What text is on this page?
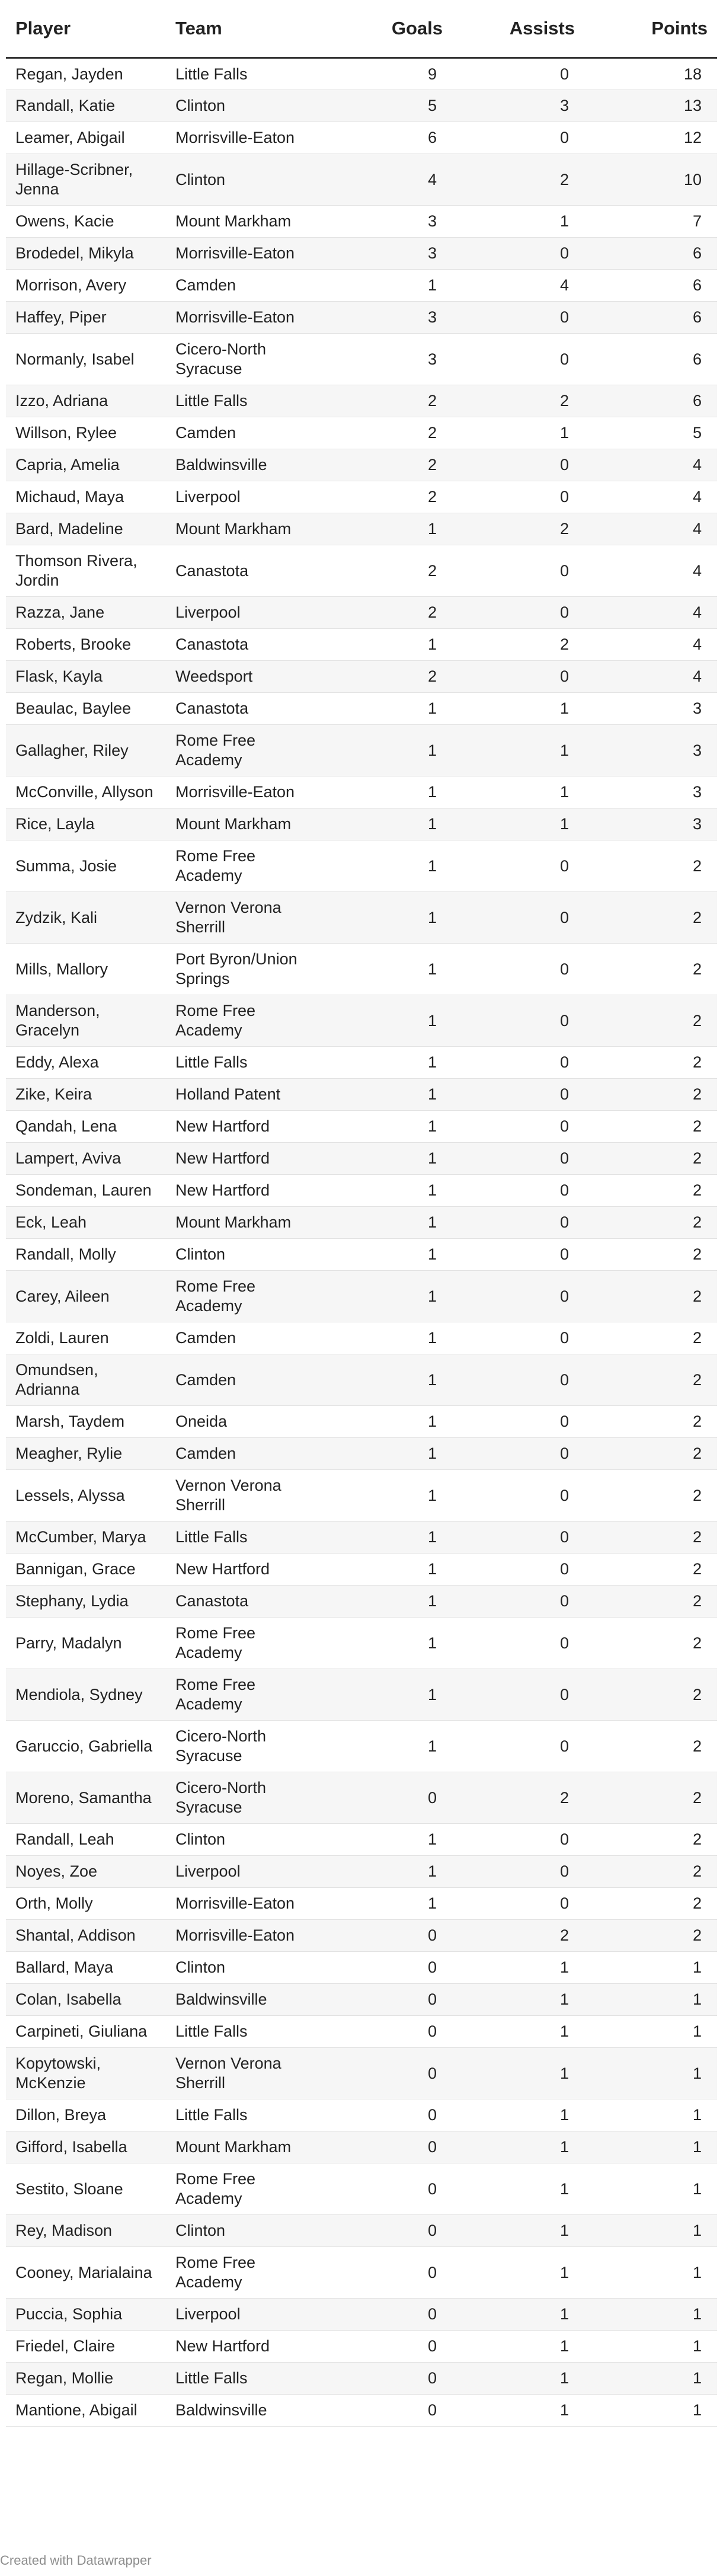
Player	Team	Goals	Assists	Points
Regan, Jayden	Little Falls	9	0	18
Randall, Katie	Clinton	5	3	13
Leamer, Abigail	Morrisville-Eaton	6	0	12
Hillage-Scribner, Jenna	Clinton	4	2	10
Owens, Kacie	Mount Markham	3	1	7
Brodedel, Mikyla	Morrisville-Eaton	3	0	6
Morrison, Avery	Camden	1	4	6
Haffey, Piper	Morrisville-Eaton	3	0	6
Normanly, Isabel	Cicero-North Syracuse	3	0	6
Izzo, Adriana	Little Falls	2	2	6
Willson, Rylee	Camden	2	1	5
Capria, Amelia	Baldwinsville	2	0	4
Michaud, Maya	Liverpool	2	0	4
Bard, Madeline	Mount Markham	1	2	4
Thomson Rivera, Jordin	Canastota	2	0	4
Razza, Jane	Liverpool	2	0	4
Roberts, Brooke	Canastota	1	2	4
Flask, Kayla	Weedsport	2	0	4
Beaulac, Baylee	Canastota	1	1	3
Gallagher, Riley	Rome Free Academy	1	1	3
McConville, Allyson	Morrisville-Eaton	1	1	3
Rice, Layla	Mount Markham	1	1	3
Summa, Josie	Rome Free Academy	1	0	2
Zydzik, Kali	Vernon Verona Sherrill	1	0	2
Mills, Mallory	Port Byron/Union Springs	1	0	2
Manderson, Gracelyn	Rome Free Academy	1	0	2
Eddy, Alexa	Little Falls	1	0	2
Zike, Keira	Holland Patent	1	0	2
Qandah, Lena	New Hartford	1	0	2
Lampert, Aviva	New Hartford	1	0	2
Sondeman, Lauren	New Hartford	1	0	2
Eck, Leah	Mount Markham	1	0	2
Randall, Molly	Clinton	1	0	2
Carey, Aileen	Rome Free Academy	1	0	2
Zoldi, Lauren	Camden	1	0	2
Omundsen, Adrianna	Camden	1	0	2
Marsh, Taydem	Oneida	1	0	2
Meagher, Rylie	Camden	1	0	2
Lessels, Alyssa	Vernon Verona Sherrill	1	0	2
McCumber, Marya	Little Falls	1	0	2
Bannigan, Grace	New Hartford	1	0	2
Stephany, Lydia	Canastota	1	0	2
Parry, Madalyn	Rome Free Academy	1	0	2
Mendiola, Sydney	Rome Free Academy	1	0	2
Garuccio, Gabriella	Cicero-North Syracuse	1	0	2
Moreno, Samantha	Cicero-North Syracuse	0	2	2
Randall, Leah	Clinton	1	0	2
Noyes, Zoe	Liverpool	1	0	2
Orth, Molly	Morrisville-Eaton	1	0	2
Shantal, Addison	Morrisville-Eaton	0	2	2
Ballard, Maya	Clinton	0	1	1
Colan, Isabella	Baldwinsville	0	1	1
Carpineti, Giuliana	Little Falls	0	1	1
Kopytowski, McKenzie	Vernon Verona Sherrill	0	1	1
Dillon, Breya	Little Falls	0	1	1
Gifford, Isabella	Mount Markham	0	1	1
Sestito, Sloane	Rome Free Academy	0	1	1
Rey, Madison	Clinton	0	1	1
Cooney, Marialaina	Rome Free Academy	0	1	1
Puccia, Sophia	Liverpool	0	1	1
Friedel, Claire	New Hartford	0	1	1
Regan, Mollie	Little Falls	0	1	1
Mantione, Abigail	Baldwinsville	0	1	1
Created with Datawrapper
